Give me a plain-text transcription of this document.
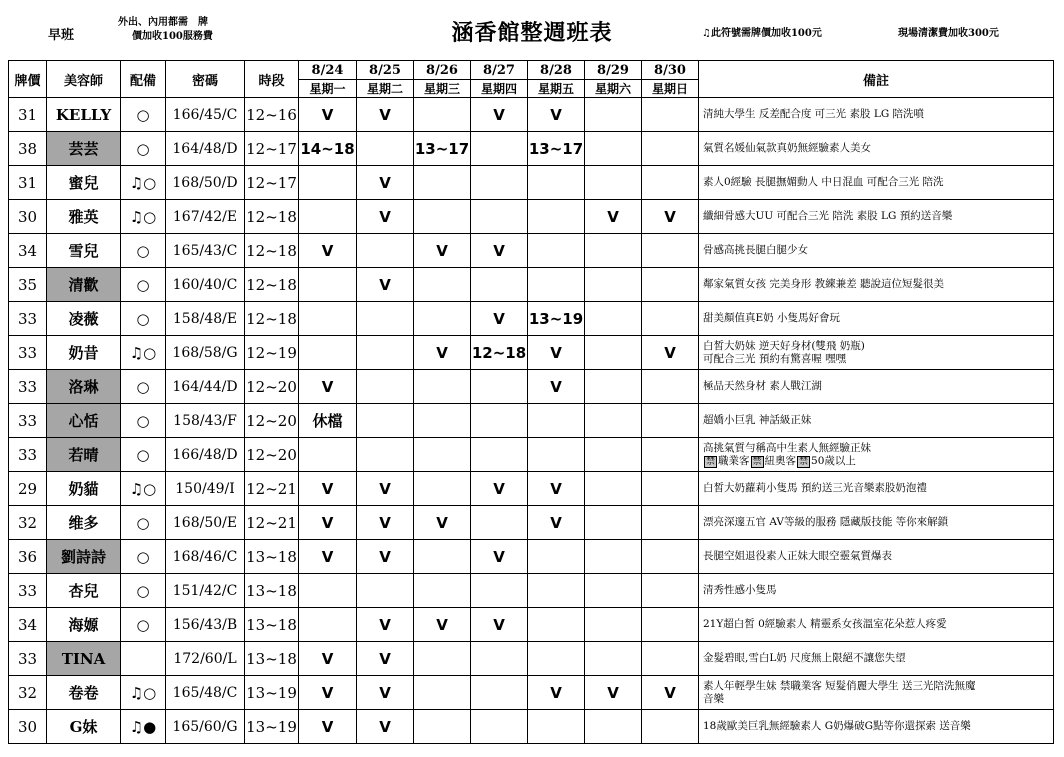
早班
外出、內用都需　牌
價加收100服務費	涵香館整週班表	♫此符號需牌價加收100元	現場清潔費加收300元
牌價	美容師	配備	密碼	時段	8/24	8/25	8/26	8/27	8/28	8/29	8/30	備註
					星期一	星期二	星期三	星期四	星期五	星期六	星期日	
31	KELLY	○	166/45/C	12~16	V	V		V	V			清純大學生 反差配合度 可三光 素股 LG 陪洗噴
38	芸芸	○	164/48/D	12~17	14~18		13~17		13~17			氣質名媛仙氣款真奶無經驗素人美女
31	蜜兒	♫○	168/50/D	12~17		V						素人0經驗 長腿撫媚動人 中日混血 可配合三光 陪洗
30	雅英	♫○	167/42/E	12~18		V				V	V	纖細骨感大UU 可配合三光 陪洗 素股 LG 預約送音樂
34	雪兒	○	165/43/C	12~18	V		V	V				骨感高挑長腿白腿少女
35	清歡	○	160/40/C	12~18		V						鄰家氣質女孩 完美身形 教練兼差 聽說這位短髮很美
33	凌薇	○	158/48/E	12~18				V	13~19			甜美顏值真E奶 小隻馬好會玩
33	奶昔	♫○	168/58/G	12~19			V	12~18	V		V	白皙大奶妹 逆天好身材(雙飛 奶瓶)
可配合三光 預約有驚喜喔 嘿嘿
33	洛琳	○	164/44/D	12~20	V				V			極品天然身材 素人戰江湖
33	心恬	○	158/43/F	12~20	休檔							超嬌小巨乳 神話級正妹
33	若晴	○	166/48/D	12~20								高挑氣質勻稱高中生素人無經驗正妹
禁 職業客 禁 紐奧客 禁 50歲以上
29	奶貓	♫○	150/49/I	12~21	V	V		V	V			白皙大奶蘿莉小隻馬 預約送三光音樂素股奶泡禮
32	维多	○	168/50/E	12~21	V	V	V		V			漂亮深邃五官 AV等級的服務 隱藏版技能 等你來解鎖
36	劉詩詩	○	168/46/C	13~18	V	V		V				長腿空姐退役素人正妹大眼空靈氣質爆表
33	杏兒	○	151/42/C	13~18								清秀性感小隻馬
34	海嫄	○	156/43/B	13~18		V	V	V				21Y超白皙 0經驗素人 精靈系女孩溫室花朵惹人疼愛
33	TINA		172/60/L	13~18	V	V						金髮碧眼,雪白L奶 尺度無上限絕不讓您失望
32	卷卷	♫○	165/48/C	13~19	V	V			V	V	V	素人年輕學生妹 禁職業客 短髮俏麗大學生 送三光陪洗無魔
音樂
30	G妹	♫●	165/60/G	13~19	V	V						18歲歐美巨乳無經驗素人 G奶爆破G點等你還探索 送音樂
